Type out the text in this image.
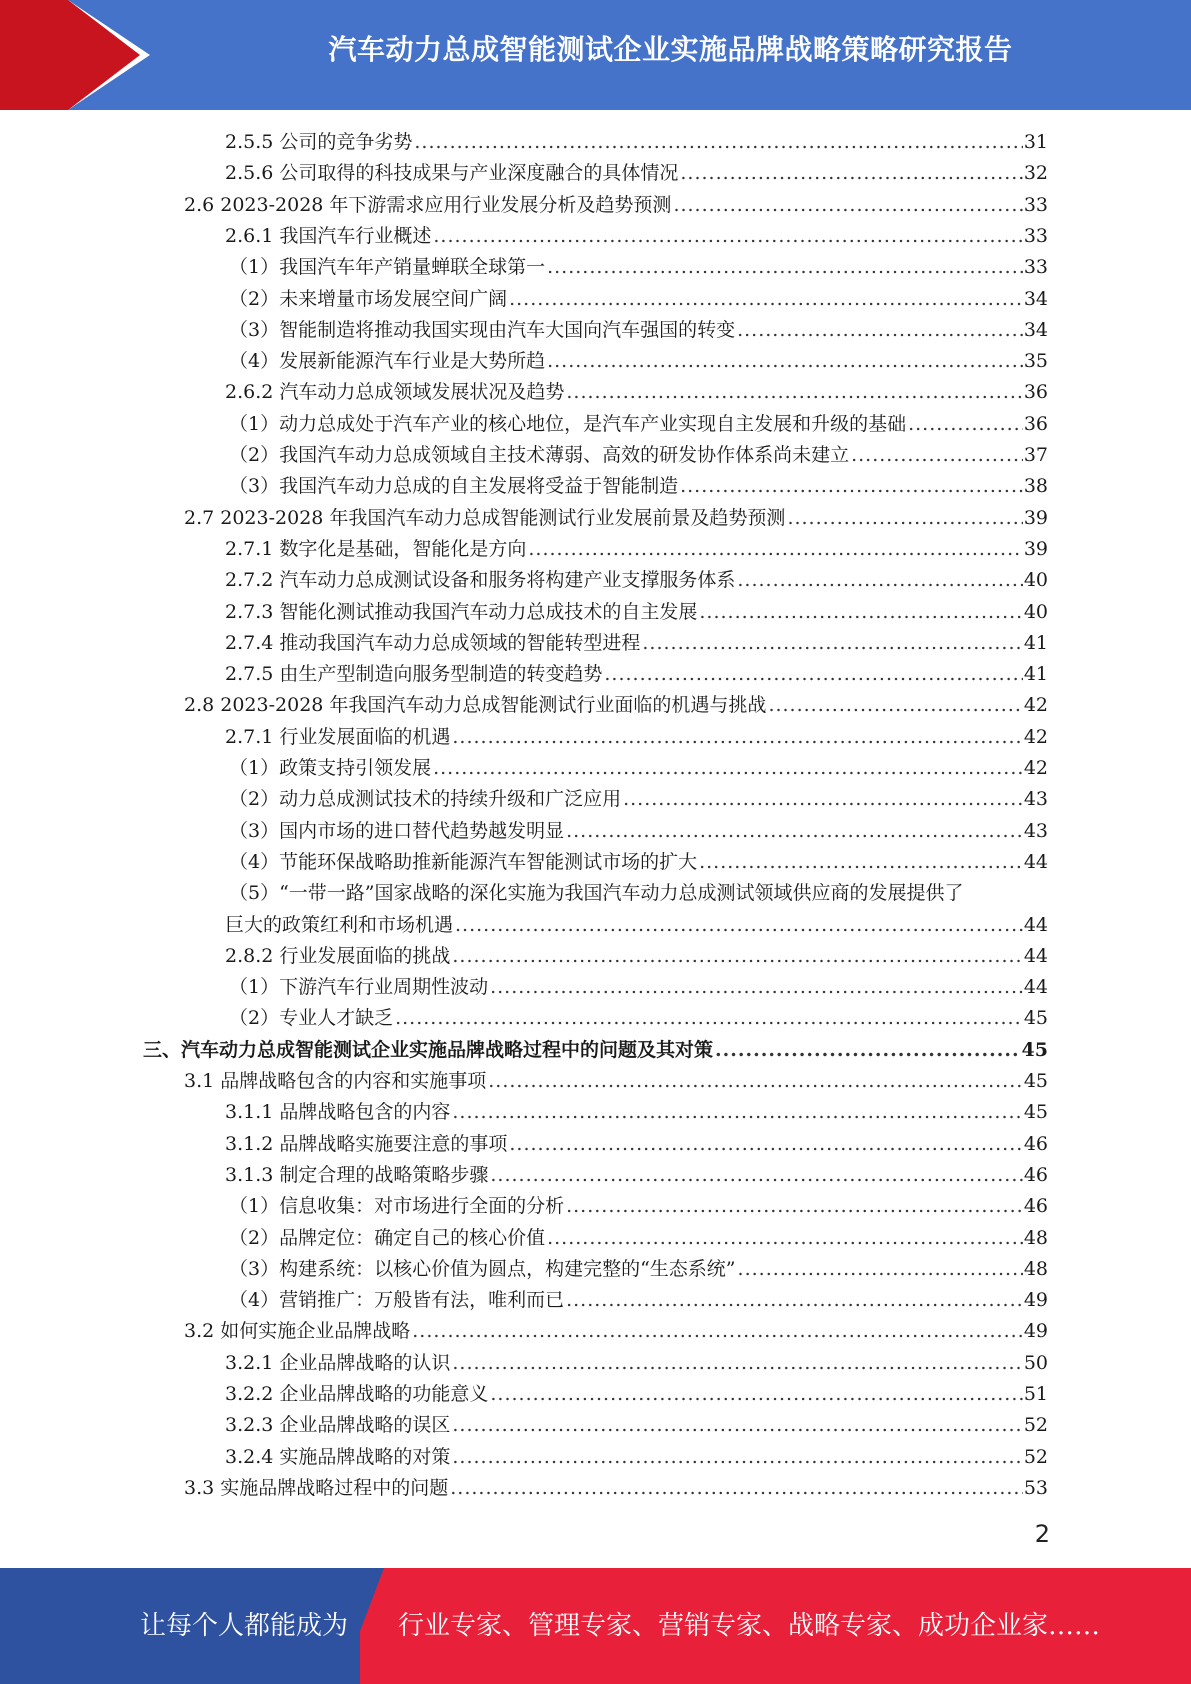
汽车动力总成智能测试企业实施品牌战略策略研究报告
2.5.5 公司的竞争劣势 .....	31
2.5.6 公司取得的科技成果与产业深度融合的具体情况 .....	32
2.6 2023-2028 年下游需求应用行业发展分析及趋势预测 .....	33
2.6.1 我国汽车行业概述 .....	33
（1）我国汽车年产销量蝉联全球第一 .....	33
（2）未来增量市场发展空间广阔 .....	34
（3）智能制造将推动我国实现由汽车大国向汽车强国的转变 .....	34
（4）发展新能源汽车行业是大势所趋 .....	35
2.6.2 汽车动力总成领域发展状况及趋势 .....	36
（1）动力总成处于汽车产业的核心地位，是汽车产业实现自主发展和升级的基础 .....	36
（2）我国汽车动力总成领域自主技术薄弱、高效的研发协作体系尚未建立 .....	37
（3）我国汽车动力总成的自主发展将受益于智能制造 .....	38
2.7 2023-2028 年我国汽车动力总成智能测试行业发展前景及趋势预测 .....	39
2.7.1 数字化是基础，智能化是方向 .....	39
2.7.2 汽车动力总成测试设备和服务将构建产业支撑服务体系 .....	40
2.7.3 智能化测试推动我国汽车动力总成技术的自主发展 .....	40
2.7.4 推动我国汽车动力总成领域的智能转型进程 .....	41
2.7.5 由生产型制造向服务型制造的转变趋势 .....	41
2.8 2023-2028 年我国汽车动力总成智能测试行业面临的机遇与挑战 .....	42
2.7.1 行业发展面临的机遇 .....	42
（1）政策支持引领发展 .....	42
（2）动力总成测试技术的持续升级和广泛应用 .....	43
（3）国内市场的进口替代趋势越发明显 .....	43
（4）节能环保战略助推新能源汽车智能测试市场的扩大 .....	44
（5）“一带一路”国家战略的深化实施为我国汽车动力总成测试领域供应商的发展提供了
巨大的政策红利和市场机遇 .....	44
2.8.2 行业发展面临的挑战 .....	44
（1）下游汽车行业周期性波动 .....	44
（2）专业人才缺乏 .....	45
三、汽车动力总成智能测试企业实施品牌战略过程中的问题及其对策 .....	45
3.1 品牌战略包含的内容和实施事项 .....	45
3.1.1 品牌战略包含的内容 .....	45
3.1.2 品牌战略实施要注意的事项 .....	46
3.1.3 制定合理的战略策略步骤 .....	46
（1）信息收集：对市场进行全面的分析 .....	46
（2）品牌定位：确定自己的核心价值 .....	48
（3）构建系统：以核心价值为圆点，构建完整的“生态系统” .....	48
（4）营销推广：万般皆有法，唯利而已 .....	49
3.2 如何实施企业品牌战略 .....	49
3.2.1 企业品牌战略的认识 .....	50
3.2.2 企业品牌战略的功能意义 .....	51
3.2.3 企业品牌战略的误区 .....	52
3.2.4 实施品牌战略的对策 .....	52
3.3 实施品牌战略过程中的问题 .....	53
2
让每个人都能成为 行业专家、管理专家、营销专家、战略专家、成功企业家……
